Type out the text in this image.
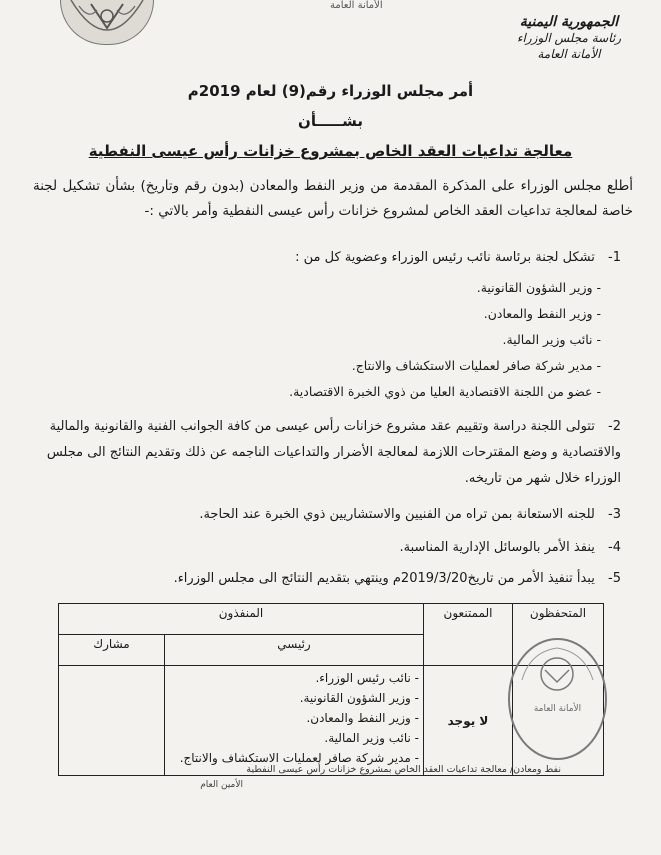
الأمانة العامة
الجمهورية اليمنية
رئاسة مجلس الوزراء
الأمانة العامة
أمر مجلس الوزراء رقم(9) لعام 2019م
بشـــــأن
معالجة تداعيات العقد الخاص بمشروع خزانات رأس عيسى النفطية
أطلع مجلس الوزراء على المذكرة المقدمة من وزير النفط والمعادن (بدون رقم وتاريخ) بشأن تشكيل لجنة خاصة لمعالجة تداعيات العقد الخاص لمشروع خزانات رأس عيسى النفطية وأمر بالاتي :-
1- تشكل لجنة برئاسة نائب رئيس الوزراء وعضوية كل من :
- وزير الشؤون القانونية.
- وزير النفط والمعادن.
- نائب وزير المالية.
- مدير شركة صافر لعمليات الاستكشاف والانتاج.
- عضو من اللجنة الاقتصادية العليا من ذوي الخبرة الاقتصادية.
2- تتولى اللجنة دراسة وتقييم عقد مشروع خزانات رأس عيسى من كافة الجوانب الفنية والقانونية والمالية والاقتصادية و وضع المقترحات اللازمة لمعالجة الأضرار والتداعيات الناجمه عن ذلك وتقديم النتائج الى مجلس الوزراء خلال شهر من تاريخه.
3- للجنه الاستعانة بمن تراه من الفنيين والاستشاريين ذوي الخبرة عند الحاجة.
4- ينفذ الأمر بالوسائل الإدارية المناسبة.
5- يبدأ تنفيذ الأمر من تاريخ2019/3/20م وينتهي بتقديم النتائج الى مجلس الوزراء.
المتحفظون	الممتنعون	المنفذون	
		رئيسي	مشارك
	لا يوجد	- نائب رئيس الوزراء.
- وزير الشؤون القانونية.
- وزير النفط والمعادن.
- نائب وزير المالية.
- مدير شركة صافر لعمليات الاستكشاف والانتاج.	

الأمانة العامة
نفط ومعادن/ معالجة تداعيات العقد الخاص بمشروع خزانات رأس عيسى النفطية
الأمين العام
